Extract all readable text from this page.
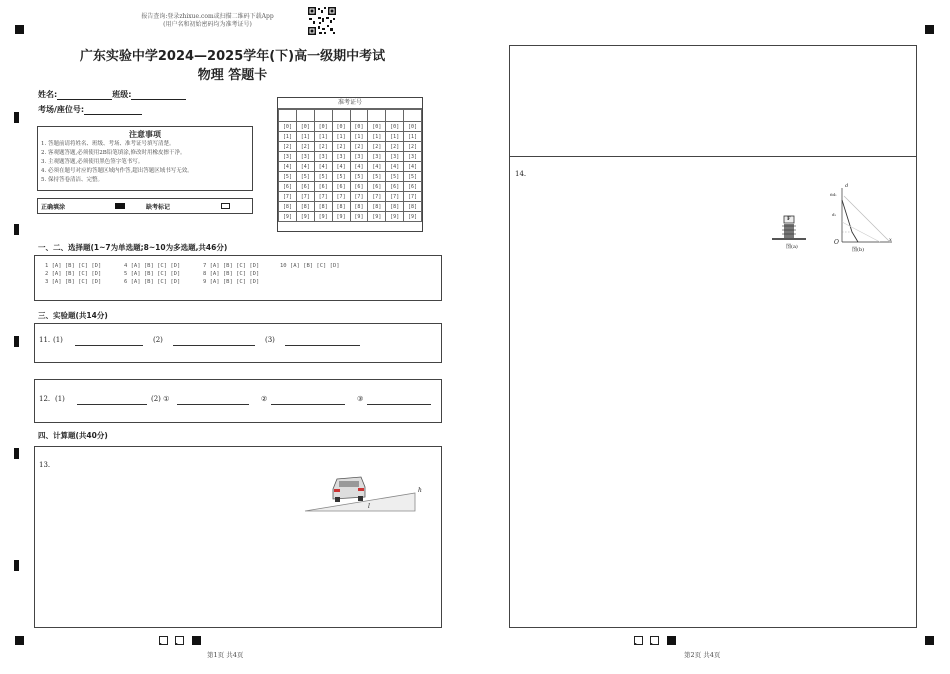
报告查询:登录zhixue.com或扫描二维码下载App
(用户名和初始密码均为准考证号)
广东实验中学2024—2025学年(下)高一级期中考试
物理 答题卡
姓名:	班级:
考场/座位号:
准考证号

[0]	[0]	[0]	[0]	[0]	[0]	[0]	[0]
[1]	[1]	[1]	[1]	[1]	[1]	[1]	[1]
[2]	[2]	[2]	[2]	[2]	[2]	[2]	[2]
[3]	[3]	[3]	[3]	[3]	[3]	[3]	[3]
[4]	[4]	[4]	[4]	[4]	[4]	[4]	[4]
[5]	[5]	[5]	[5]	[5]	[5]	[5]	[5]
[6]	[6]	[6]	[6]	[6]	[6]	[6]	[6]
[7]	[7]	[7]	[7]	[7]	[7]	[7]	[7]
[8]	[8]	[8]	[8]	[8]	[8]	[8]	[8]
[9]	[9]	[9]	[9]	[9]	[9]	[9]	[9]
注意事项
1. 答题前请将姓名、班级、考场、准考证号填写清楚。
2. 客观题答题,必须使用2B铅笔填涂,修改时用橡皮擦干净。
3. 主观题答题,必须使用黑色签字笔书写。
4. 必须在题号对应的答题区域内作答,超出答题区域书写无效。
5. 保持答卷清洁、完整。
正确填涂	缺考标记
一、二、选择题(1~7为单选题;8~10为多选题,共46分)
1 [A] [B] [C] [D]
2 [A] [B] [C] [D]
3 [A] [B] [C] [D]
4 [A] [B] [C] [D]
5 [A] [B] [C] [D]
6 [A] [B] [C] [D]
7 [A] [B] [C] [D]
8 [A] [B] [C] [D]
9 [A] [B] [C] [D]
10 [A] [B] [C] [D]
三、实验题(共14分)
11. (1)	(2)	(3)
12. (1)	(2) ①	②	③
四、计算题(共40分)
13.
h
l
第1页 共4页
14.
F
图(a)
d
6d₁
d₁
O	x
图(b)
第2页 共4页
